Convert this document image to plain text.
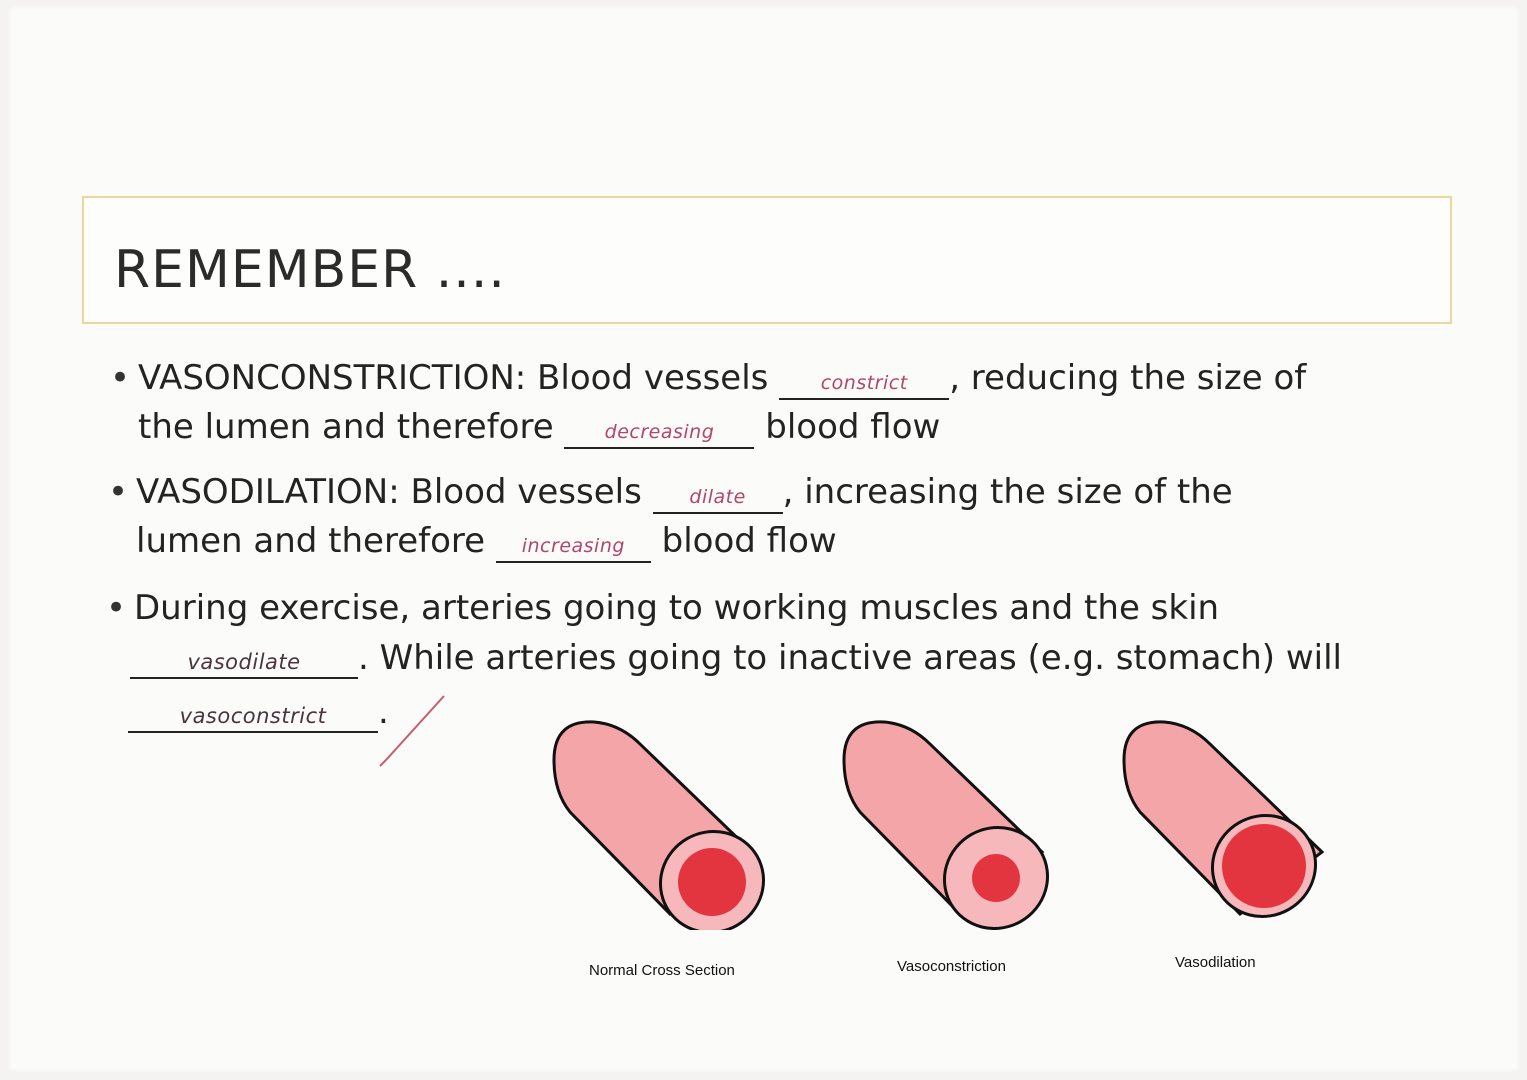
REMEMBER ....
• VASONCONSTRICTION: Blood vessels	constrict , reducing the size of
the lumen and therefore	decreasing blood flow
• VASODILATION: Blood vessels	dilate , increasing the size of the
lumen and therefore increasing blood flow
• During exercise, arteries going to working muscles and the skin
vasodilate . While arteries going to inactive areas (e.g. stomach) will
vasoconstrict .
Normal Cross Section	Vasoconstriction	Vasodilation
